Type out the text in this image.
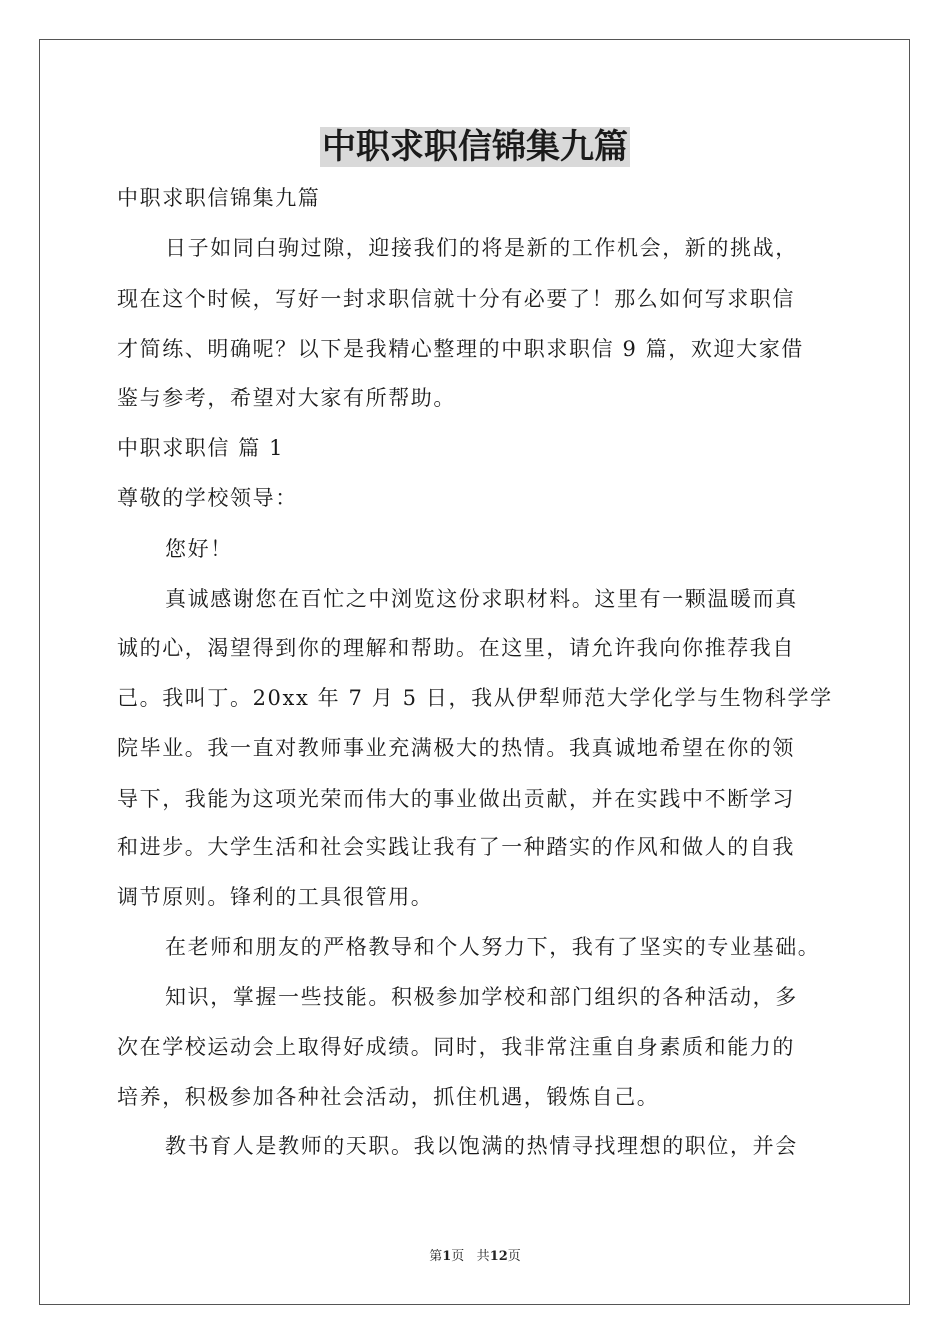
中职求职信锦集九篇
中职求职信锦集九篇
日子如同白驹过隙，迎接我们的将是新的工作机会，新的挑战，
现在这个时候，写好一封求职信就十分有必要了！那么如何写求职信
才简练、明确呢？以下是我精心整理的中职求职信 9 篇，欢迎大家借
鉴与参考，希望对大家有所帮助。
中职求职信 篇 1
尊敬的学校领导：
您好！
真诚感谢您在百忙之中浏览这份求职材料。这里有一颗温暖而真
诚的心，渴望得到你的理解和帮助。在这里，请允许我向你推荐我自
己。我叫丁。20xx 年 7 月 5 日，我从伊犁师范大学化学与生物科学学
院毕业。我一直对教师事业充满极大的热情。我真诚地希望在你的领
导下，我能为这项光荣而伟大的事业做出贡献，并在实践中不断学习
和进步。大学生活和社会实践让我有了一种踏实的作风和做人的自我
调节原则。锋利的工具很管用。
在老师和朋友的严格教导和个人努力下，我有了坚实的专业基础。
知识，掌握一些技能。积极参加学校和部门组织的各种活动，多
次在学校运动会上取得好成绩。同时，我非常注重自身素质和能力的
培养，积极参加各种社会活动，抓住机遇，锻炼自己。
教书育人是教师的天职。我以饱满的热情寻找理想的职位，并会
第1页 共12页
